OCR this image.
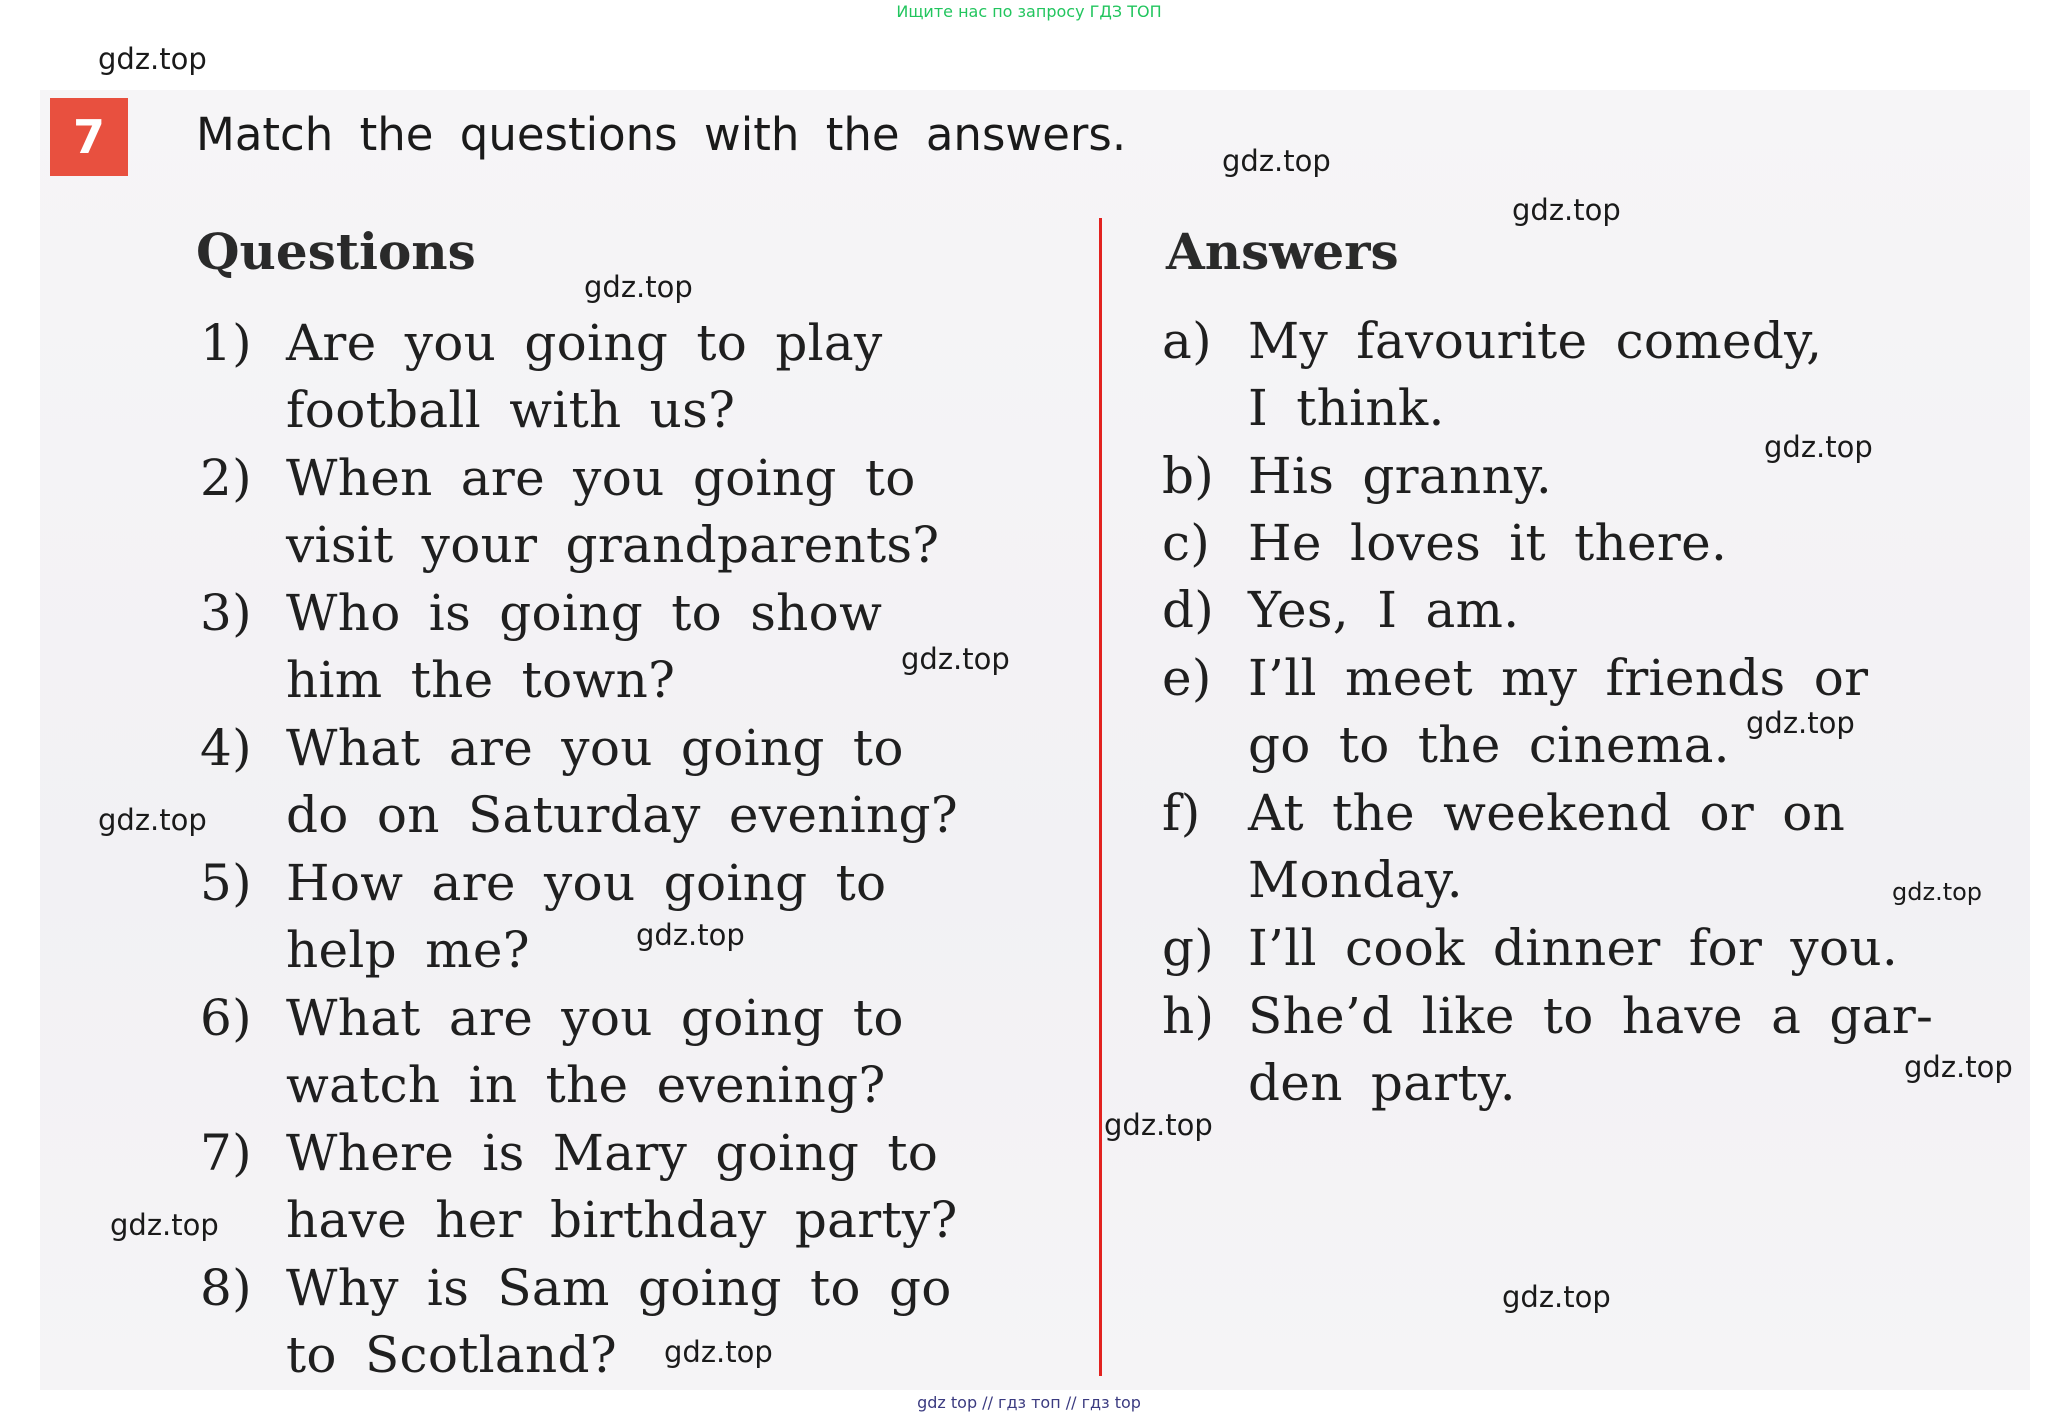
Ищите нас по запросу ГДЗ ТОП
7	Match the questions with the answers.
Questions	Answers
1) Are you going to play
football with us?
2) When are you going to
visit your grandparents?
3) Who is going to show
him the town?
4) What are you going to
do on Saturday evening?
5) How are you going to
help me?
6) What are you going to
watch in the evening?
7) Where is Mary going to
have her birthday party?
8) Why is Sam going to go
to Scotland?
a) My favourite comedy,
I think.
b) His granny.
c) He loves it there.
d) Yes, I am.
e) I’ll meet my friends or
go to the cinema.
f) At the weekend or on
Monday.
g) I’ll cook dinner for you.
h) She’d like to have a gar-
den party.
gdz.top
gdz.top
gdz.top
gdz.top
gdz.top
gdz.top
gdz.top
gdz.top
gdz.top
gdz.top
gdz.top
gdz.top
gdz.top
gdz.top
gdz.top
gdz top // гдз топ // гдз top
